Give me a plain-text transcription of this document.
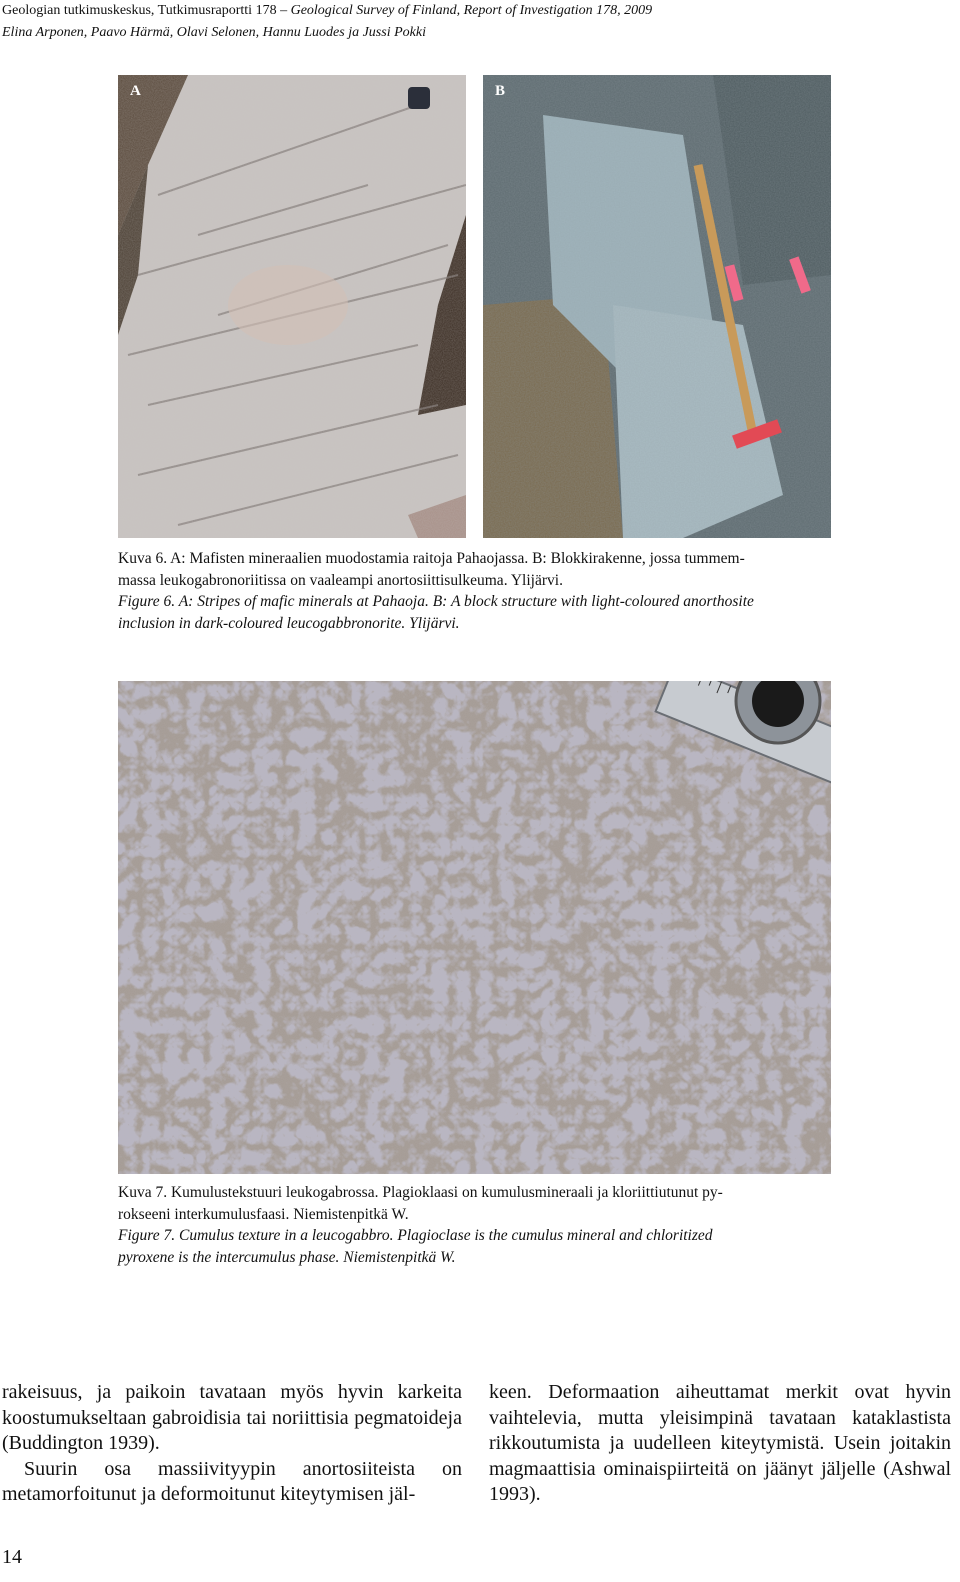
Geologian tutkimuskeskus, Tutkimusraportti 178 – Geological Survey of Finland, Report of Investigation 178, 2009
Elina Arponen, Paavo Härmä, Olavi Selonen, Hannu Luodes ja Jussi Pokki
A	B
Kuva 6. A: Mafisten mineraalien muodostamia raitoja Pahaojassa. B: Blokkirakenne, jossa tummem-
massa leukogabronoriitissa on vaaleampi anortosiittisulkeuma. Ylijärvi.
Figure 6. A: Stripes of mafic minerals at Pahaoja. B: A block structure with light-coloured anorthosite
inclusion in dark-coloured leucogabbronorite. Ylijärvi.
Kuva 7. Kumulustekstuuri leukogabrossa. Plagioklaasi on kumulusmineraali ja kloriittiutunut py-
rokseeni interkumulusfaasi. Niemistenpitkä W.
Figure 7. Cumulus texture in a leucogabbro. Plagioclase is the cumulus mineral and chloritized
pyroxene is the intercumulus phase. Niemistenpitkä W.

rakeisuus, ja paikoin tavataan myös hyvin karkeita koostumukseltaan gabroidisia tai noriittisia pegmatoideja (Buddington 1939).

Suurin osa massiivityypin anortosiiteista on metamorfoitunut ja deformoitunut kiteytymisen jäl-

keen. Deformaation aiheuttamat merkit ovat hyvin vaihtelevia, mutta yleisimpinä tavataan kataklastista rikkoutumista ja uudelleen kiteytymistä. Usein joitakin magmaattisia ominaispiirteitä on jäänyt jäljelle (Ashwal 1993).

14
